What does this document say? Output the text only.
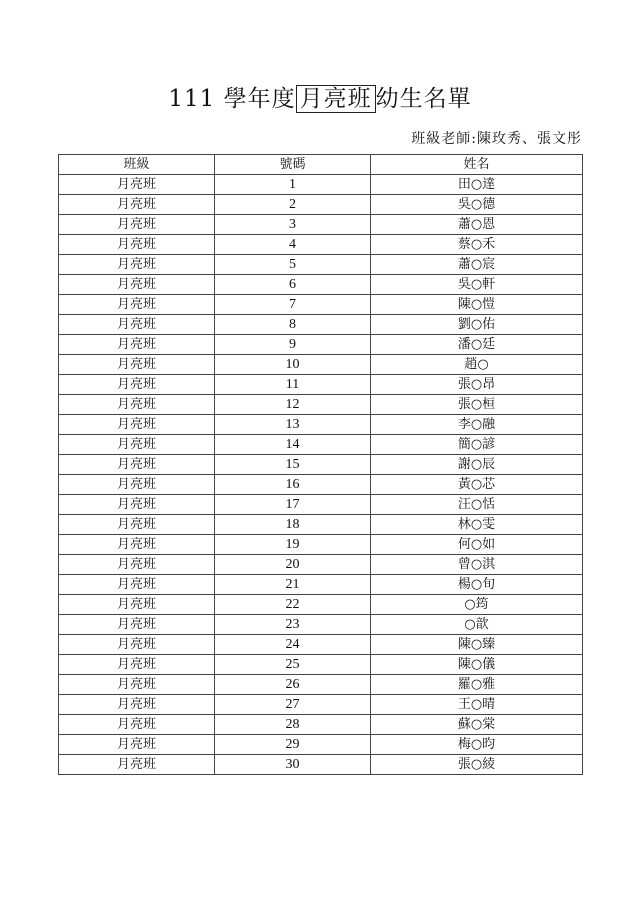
111 學年度 月亮班 幼生名單
班級老師:陳玫秀、張文彤
班級	號碼	姓名
月亮班	1	田○達
月亮班	2	吳○德
月亮班	3	蕭○恩
月亮班	4	蔡○禾
月亮班	5	蕭○宸
月亮班	6	吳○軒
月亮班	7	陳○愷
月亮班	8	劉○佑
月亮班	9	潘○廷
月亮班	10	趙○
月亮班	11	張○昂
月亮班	12	張○桓
月亮班	13	李○融
月亮班	14	簡○諺
月亮班	15	謝○辰
月亮班	16	黃○芯
月亮班	17	汪○恬
月亮班	18	林○雯
月亮班	19	何○如
月亮班	20	曾○淇
月亮班	21	楊○旬
月亮班	22	○筠
月亮班	23	○歆
月亮班	24	陳○臻
月亮班	25	陳○儀
月亮班	26	羅○雅
月亮班	27	王○晴
月亮班	28	蘇○棠
月亮班	29	梅○昀
月亮班	30	張○綾
